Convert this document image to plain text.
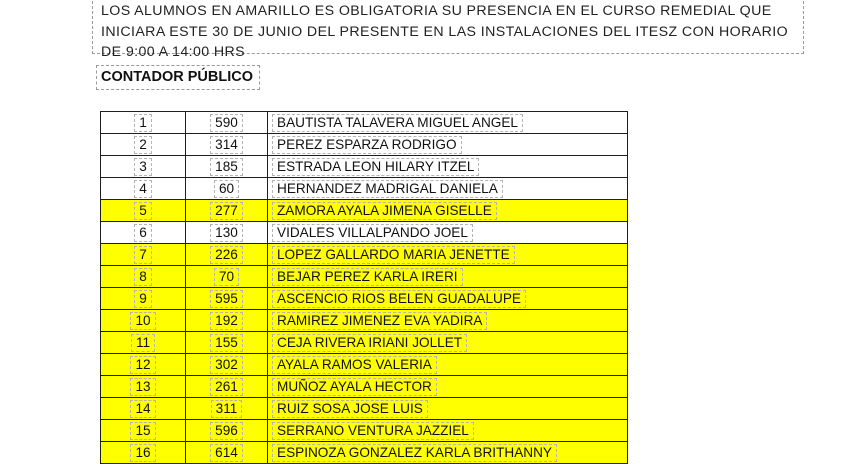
LOS ALUMNOS EN AMARILLO ES OBLIGATORIA SU PRESENCIA EN EL CURSO REMEDIAL QUE INICIARA ESTE 30 DE JUNIO DEL PRESENTE EN LAS INSTALACIONES DEL ITESZ CON HORARIO DE 9:00 A 14:00 HRS

CONTADOR PÚBLICO
1	590	BAUTISTA TALAVERA MIGUEL ANGEL
2	314	PEREZ ESPARZA RODRIGO
3	185	ESTRADA LEON HILARY ITZEL
4	60	HERNANDEZ MADRIGAL DANIELA
5	277	ZAMORA AYALA JIMENA GISELLE
6	130	VIDALES VILLALPANDO JOEL
7	226	LOPEZ GALLARDO MARIA JENETTE
8	70	BEJAR PEREZ KARLA IRERI
9	595	ASCENCIO RIOS BELEN GUADALUPE
10	192	RAMIREZ JIMENEZ EVA YADIRA
11	155	CEJA RIVERA IRIANI JOLLET
12	302	AYALA RAMOS VALERIA
13	261	MUÑOZ AYALA HECTOR
14	311	RUIZ SOSA JOSE LUIS
15	596	SERRANO VENTURA JAZZIEL
16	614	ESPINOZA GONZALEZ KARLA BRITHANNY
